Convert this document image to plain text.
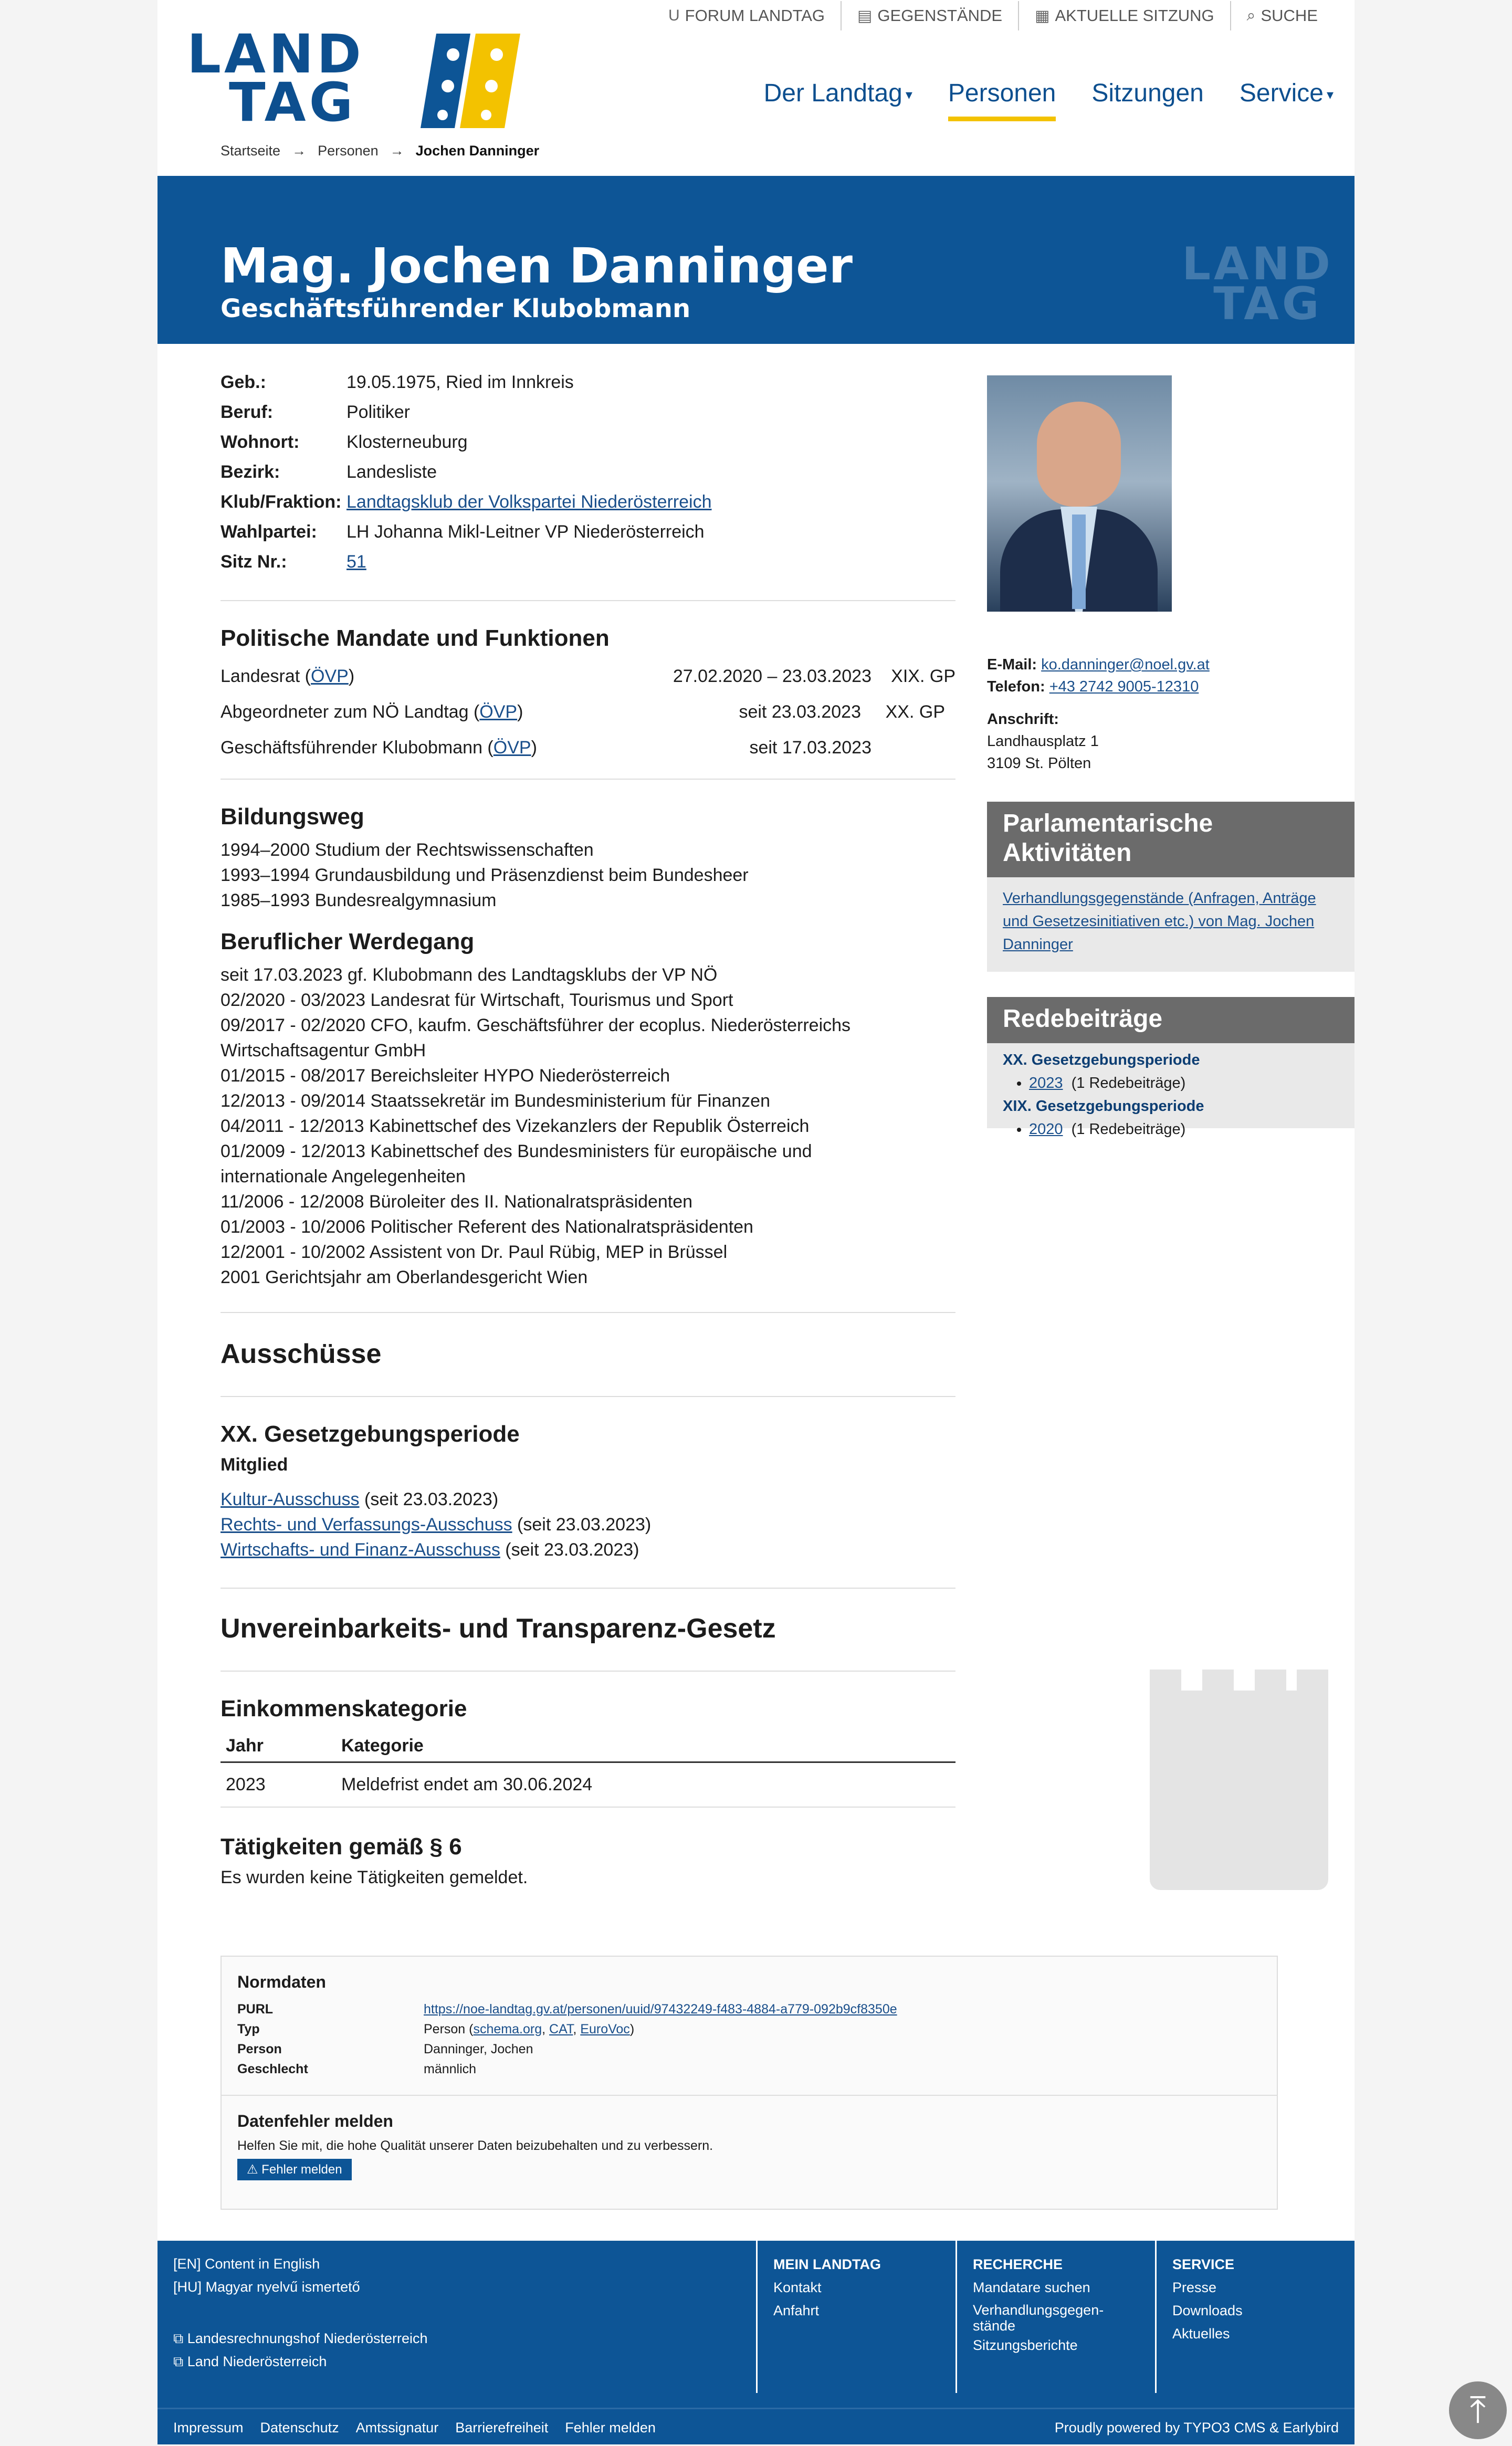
LAND
TAG
U FORUM LANDTAG ▤ GEGENSTÄNDE ▦ AKTUELLE SITZUNG ⌕ SUCHE
Der Landtag ▾ Personen Sitzungen Service ▾
Startseite → Personen → Jochen Danninger
Mag. Jochen Danninger
Geschäftsführender Klubobmann
LAND
TAG
Geb.:	19.05.1975, Ried im Innkreis
Beruf:	Politiker
Wohnort:	Klosterneuburg
Bezirk:	Landesliste
Klub/Fraktion: Landtagsklub der Volkspartei Niederösterreich
Wahlpartei:	LH Johanna Mikl-Leitner VP Niederösterreich
Sitz Nr.:	51
Politische Mandate und Funktionen
Landesrat (ÖVP)	27.02.2020 – 23.03.2023 XIX. GP
Abgeordneter zum NÖ Landtag (ÖVP)	seit 23.03.2023 XX. GP
Geschäftsführender Klubobmann (ÖVP)	seit 17.03.2023
Bildungsweg
1994–2000 Studium der Rechtswissenschaften
1993–1994 Grundausbildung und Präsenzdienst beim Bundesheer
1985–1993 Bundesrealgymnasium
Beruflicher Werdegang
seit 17.03.2023 gf. Klubobmann des Landtagsklubs der VP NÖ
02/2020 - 03/2023 Landesrat für Wirtschaft, Tourismus und Sport
09/2017 - 02/2020 CFO, kaufm. Geschäftsführer der ecoplus. Niederösterreichs
Wirtschaftsagentur GmbH
01/2015 - 08/2017 Bereichsleiter HYPO Niederösterreich
12/2013 - 09/2014 Staatssekretär im Bundesministerium für Finanzen
04/2011 - 12/2013 Kabinettschef des Vizekanzlers der Republik Österreich
01/2009 - 12/2013 Kabinettschef des Bundesministers für europäische und
internationale Angelegenheiten
11/2006 - 12/2008 Büroleiter des II. Nationalratspräsidenten
01/2003 - 10/2006 Politischer Referent des Nationalratspräsidenten
12/2001 - 10/2002 Assistent von Dr. Paul Rübig, MEP in Brüssel
2001 Gerichtsjahr am Oberlandesgericht Wien
Ausschüsse
XX. Gesetzgebungsperiode
Mitglied
Kultur-Ausschuss (seit 23.03.2023)
Rechts- und Verfassungs-Ausschuss (seit 23.03.2023)
Wirtschafts- und Finanz-Ausschuss (seit 23.03.2023)
Unvereinbarkeits- und Transparenz-Gesetz
Einkommenskategorie
Jahr	Kategorie
2023	Meldefrist endet am 30.06.2024
Tätigkeiten gemäß § 6
Es wurden keine Tätigkeiten gemeldet.
E-Mail: ko.danninger@noel.gv.at
Telefon: +43 2742 9005-12310
Anschrift:
Landhausplatz 1
3109 St. Pölten
Parlamentarische Aktivitäten
Verhandlungsgegenstände (Anfragen, Anträge und Gesetzesinitiativen etc.) von Mag. Jochen Danninger
Redebeiträge
XX. Gesetzgebungsperiode
• 2023 (1 Redebeiträge)
XIX. Gesetzgebungsperiode
• 2020 (1 Redebeiträge)
Normdaten
PURL	https://noe-landtag.gv.at/personen/uuid/97432249-f483-4884-a779-092b9cf8350e
Typ	Person (schema.org, CAT, EuroVoc)
Person	Danninger, Jochen
Geschlecht	männlich
Datenfehler melden
Helfen Sie mit, die hohe Qualität unserer Daten beizubehalten und zu verbessern.
⚠ Fehler melden
[EN] Content in English
[HU] Magyar nyelvű ismertető
⧉ Landesrechnungshof Niederösterreich
⧉ Land Niederösterreich
MEIN LANDTAG
Kontakt
Anfahrt
RECHERCHE
Mandatare suchen
Verhandlungsgegen-
stände
Sitzungsberichte
SERVICE
Presse
Downloads
Aktuelles
Impressum Datenschutz Amtssignatur Barrierefreiheit Fehler melden	Proudly powered by TYPO3 CMS & Earlybird	⤒
